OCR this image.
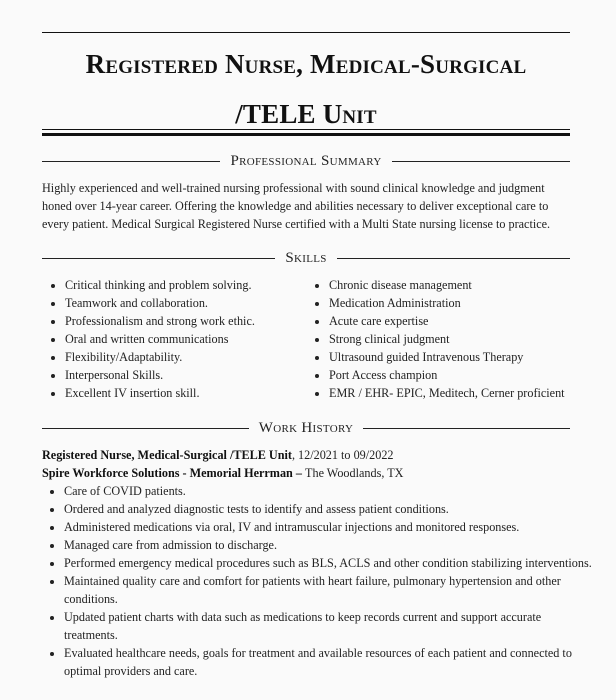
Registered Nurse, Medical-Surgical /TELE Unit
Professional Summary
Highly experienced and well-trained nursing professional with sound clinical knowledge and judgment honed over 14-year career. Offering the knowledge and abilities necessary to deliver exceptional care to every patient. Medical Surgical Registered Nurse certified with a Multi State nursing license to practice.
Skills
• Critical thinking and problem solving.
• Teamwork and collaboration.
• Professionalism and strong work ethic.
• Oral and written communications
• Flexibility/Adaptability.
• Interpersonal Skills.
• Excellent IV insertion skill.
• Chronic disease management
• Medication Administration
• Acute care expertise
• Strong clinical judgment
• Ultrasound guided Intravenous Therapy
• Port Access champion
• EMR / EHR- EPIC, Meditech, Cerner proficient
Work History
Registered Nurse, Medical-Surgical /TELE Unit, 12/2021 to 09/2022
Spire Workforce Solutions - Memorial Herrman – The Woodlands, TX
• Care of COVID patients.
• Ordered and analyzed diagnostic tests to identify and assess patient conditions.
• Administered medications via oral, IV and intramuscular injections and monitored responses.
• Managed care from admission to discharge.
• Performed emergency medical procedures such as BLS, ACLS and other condition stabilizing interventions.
• Maintained quality care and comfort for patients with heart failure, pulmonary hypertension and other conditions.
• Updated patient charts with data such as medications to keep records current and support accurate treatments.
• Evaluated healthcare needs, goals for treatment and available resources of each patient and connected to optimal providers and care.
